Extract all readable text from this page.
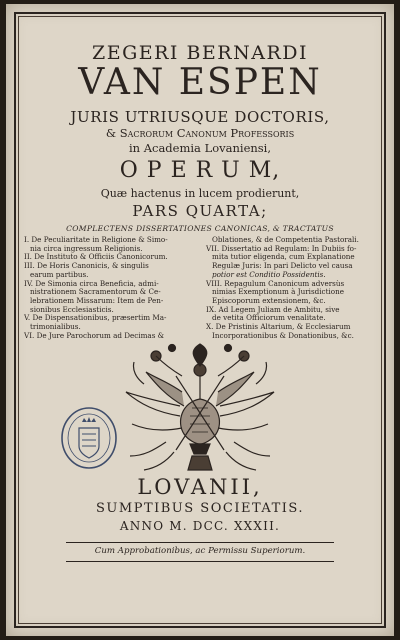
ZEGERI BERNARDI
VAN ESPEN
JURIS UTRIUSQUE DOCTORIS,
& Sacrorum Canonum Professoris
in Academia Lovaniensi,
O P E R U M,
Quæ hactenus in lucem prodierunt,
PARS QUARTA;
COMPLECTENS DISSERTATIONES CANONICAS, & TRACTATUS
I. De Peculiaritate in Religione & Simo-
nia circa ingressum Religionis.
II. De Instituto & Officiis Canonicorum.
III. De Horis Canonicis, & singulis
earum partibus.
IV. De Simonia circa Beneficia, admi-
nistrationem Sacramentorum & Ce-
lebrationem Missarum: Item de Pen-
sionibus Ecclesiasticis.
V. De Dispensationibus, præsertim Ma-
trimonialibus.
VI. De Jure Parochorum ad Decimas &
Oblationes, & de Competentia Pastorali.
VII. Dissertatio ad Regulam: In Dubiis fo-
mita tutior eligenda, cum Explanatione
Regulæ Juris: In pari Delicto vel causa
potior est Conditio Possidentis.
VIII. Repagulum Canonicum adversùs
nimias Exemptionum à Jurisdictione
Episcoporum extensionem, &c.
IX. Ad Legem Juliam de Ambitu, sive
de vetita Officiorum venalitate.
X. De Pristinis Altarium, & Ecclesiarum
Incorporationibus & Donationibus, &c.
LOVANII,
SUMPTIBUS SOCIETATIS.
ANNO M. DCC. XXXII.
Cum Approbationibus, ac Permissu Superiorum.
